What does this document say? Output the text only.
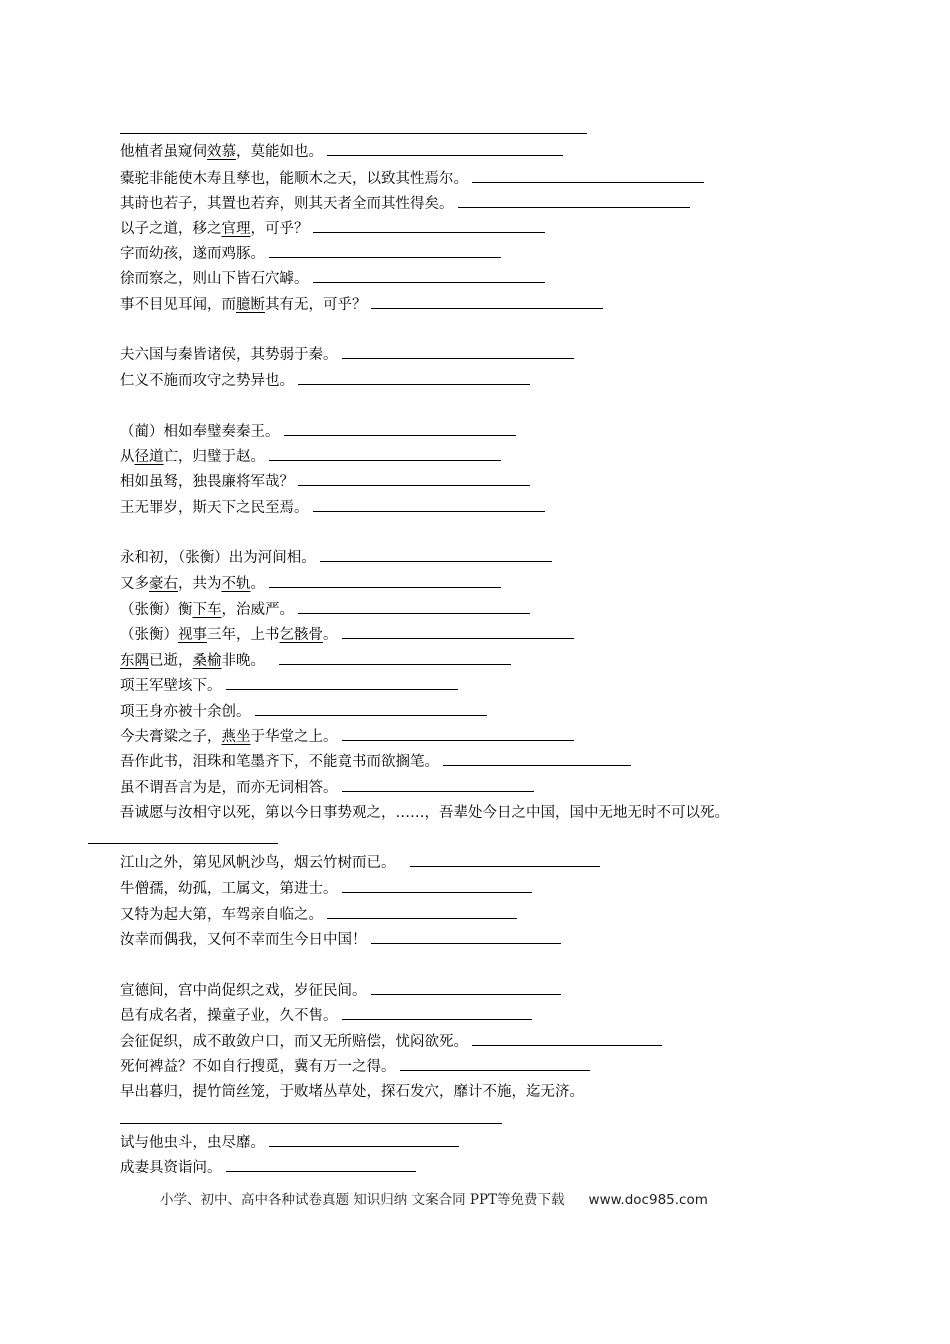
他植者虽窥伺效慕，莫能如也。
橐驼非能使木寿且孳也，能顺木之天，以致其性焉尔。
其莳也若子，其置也若弃，则其天者全而其性得矣。
以子之道，移之官理，可乎？
字而幼孩，遂而鸡豚。
徐而察之，则山下皆石穴罅。
事不目见耳闻，而臆断其有无，可乎？
夫六国与秦皆诸侯，其势弱于秦。
仁义不施而攻守之势异也。
（蔺）相如奉璧奏秦王。
从径道亡，归璧于赵。
相如虽驽，独畏廉将军哉？
王无罪岁，斯天下之民至焉。
永和初，（张衡）出为河间相。
又多豪右，共为不轨。
（张衡）衡下车，治威严。
（张衡）视事三年，上书乞骸骨。
东隅已逝，桑榆非晚。
项王军壁垓下。
项王身亦被十余创。
今夫膏粱之子，燕坐于华堂之上。
吾作此书，泪珠和笔墨齐下，不能竟书而欲搁笔。
虽不谓吾言为是，而亦无词相答。
吾诚愿与汝相守以死，第以今日事势观之，……，吾辈处今日之中国，国中无地无时不可以死。
江山之外，第见风帆沙鸟，烟云竹树而已。
牛僧孺，幼孤，工属文，第进士。
又特为起大第，车驾亲自临之。
汝幸而偶我，又何不幸而生今日中国！
宣德间，宫中尚促织之戏，岁征民间。
邑有成名者，操童子业，久不售。
会征促织，成不敢敛户口，而又无所赔偿，忧闷欲死。
死何裨益？不如自行搜觅，冀有万一之得。
早出暮归，提竹筒丝笼，于败堵丛草处，探石发穴，靡计不施，迄无济。
试与他虫斗，虫尽靡。
成妻具资诣问。
小学、初中、高中各种试卷真题 知识归纳 文案合同 PPT等免费下载 www.doc985.com
